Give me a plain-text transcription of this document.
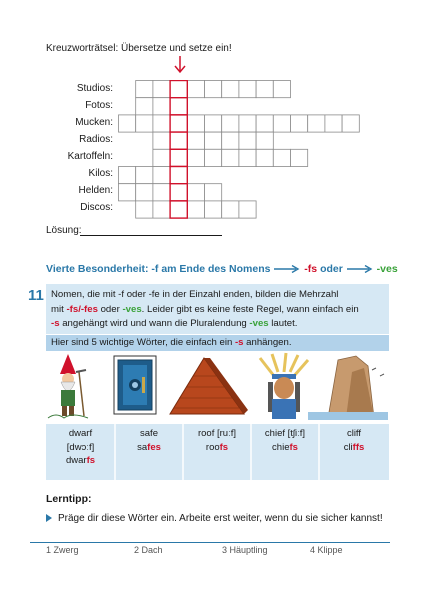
Kreuzworträtsel: Übersetze und setze ein!
Studios:
Fotos:
Mucken:
Radios:
Kartoffeln:
Kilos:
Helden:
Discos:
Lösung:
Vierte Besonderheit: -f am Ende des Nomens	-fs oder	-ves
11 Nomen, die mit -f oder -fe in der Einzahl enden, bilden die Mehrzahl
mit -fs/-fes oder -ves. Leider gibt es keine feste Regel, wann einfach ein
-s angehängt wird und wann die Pluralendung -ves lautet.
Hier sind 5 wichtige Wörter, die einfach ein -s anhängen.
dwarf
[dwɔːf]
dwarfs
safe
safes
roof [ruːf]
roofs
chief [tʃiːf]
chiefs
cliff
cliffs
Lerntipp:
Präge dir diese Wörter ein. Arbeite erst weiter, wenn du sie sicher kannst!
1 Zwerg	2 Dach	3 Häuptling	4 Klippe
